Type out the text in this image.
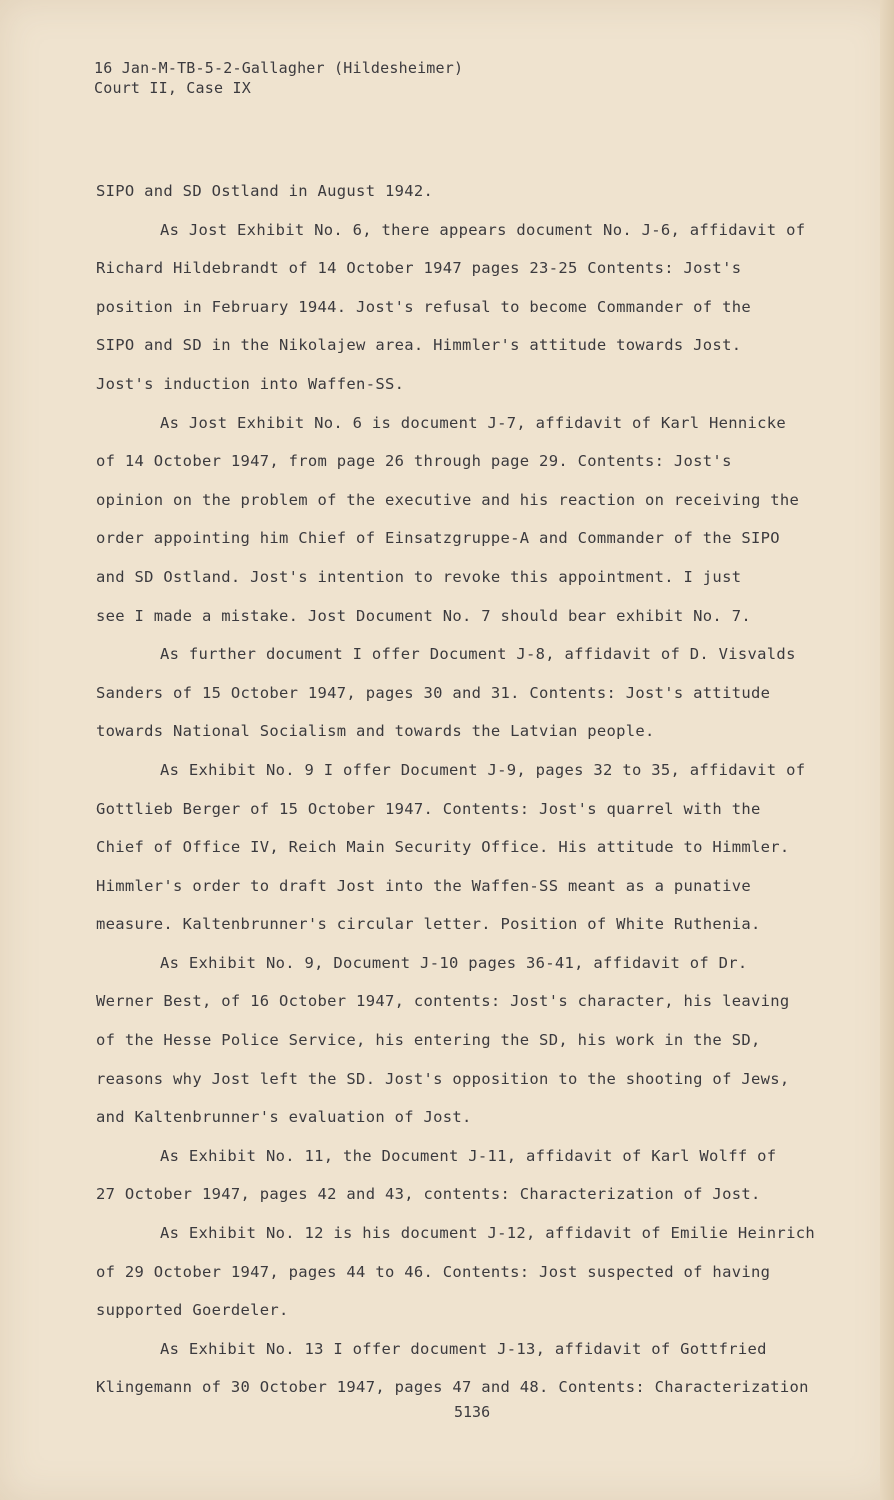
16 Jan-M-TB-5-2-Gallagher (Hildesheimer)
Court II, Case IX
SIPO and SD Ostland in August 1942.
As Jost Exhibit No. 6, there appears document No. J-6, affidavit of
Richard Hildebrandt of 14 October 1947 pages 23-25 Contents: Jost's
position in February 1944. Jost's refusal to become Commander of the
SIPO and SD in the Nikolajew area. Himmler's attitude towards Jost.
Jost's induction into Waffen-SS.
As Jost Exhibit No. 6 is document J-7, affidavit of Karl Hennicke
of 14 October 1947, from page 26 through page 29. Contents: Jost's
opinion on the problem of the executive and his reaction on receiving the
order appointing him Chief of Einsatzgruppe-A and Commander of the SIPO
and SD Ostland. Jost's intention to revoke this appointment. I just
see I made a mistake. Jost Document No. 7 should bear exhibit No. 7.
As further document I offer Document J-8, affidavit of D. Visvalds
Sanders of 15 October 1947, pages 30 and 31. Contents: Jost's attitude
towards National Socialism and towards the Latvian people.
As Exhibit No. 9 I offer Document J-9, pages 32 to 35, affidavit of
Gottlieb Berger of 15 October 1947. Contents: Jost's quarrel with the
Chief of Office IV, Reich Main Security Office. His attitude to Himmler.
Himmler's order to draft Jost into the Waffen-SS meant as a punative
measure. Kaltenbrunner's circular letter. Position of White Ruthenia.
As Exhibit No. 9, Document J-10 pages 36-41, affidavit of Dr.
Werner Best, of 16 October 1947, contents: Jost's character, his leaving
of the Hesse Police Service, his entering the SD, his work in the SD,
reasons why Jost left the SD. Jost's opposition to the shooting of Jews,
and Kaltenbrunner's evaluation of Jost.
As Exhibit No. 11, the Document J-11, affidavit of Karl Wolff of
27 October 1947, pages 42 and 43, contents: Characterization of Jost.
As Exhibit No. 12 is his document J-12, affidavit of Emilie Heinrich
of 29 October 1947, pages 44 to 46. Contents: Jost suspected of having
supported Goerdeler.
As Exhibit No. 13 I offer document J-13, affidavit of Gottfried
Klingemann of 30 October 1947, pages 47 and 48. Contents: Characterization
5136
